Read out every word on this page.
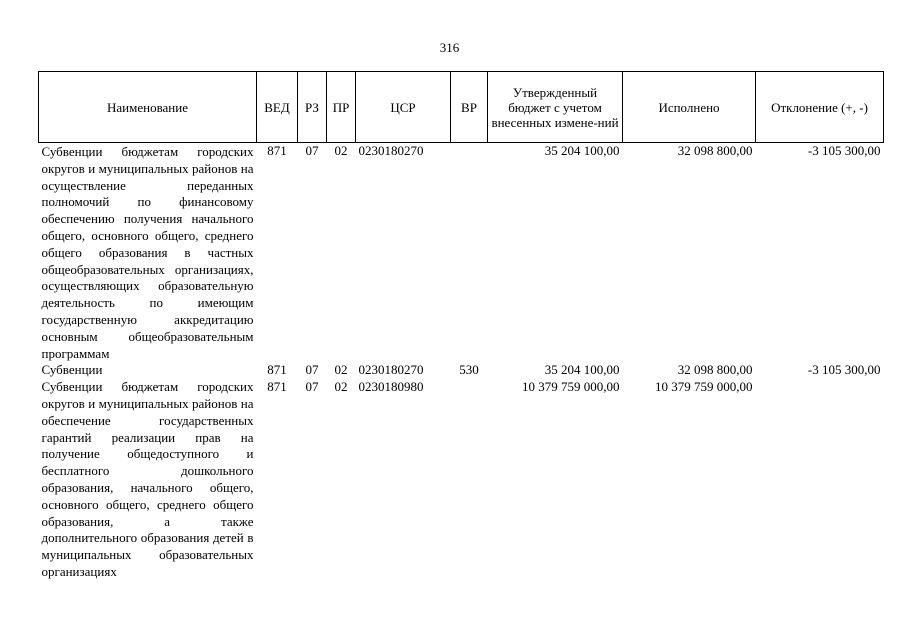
316
Наименование	ВЕД	РЗ	ПР	ЦСР	ВР	Утвержденный бюджет с учетом внесенных измене-ний	Исполнено	Отклонение (+, -)
Субвенции бюджетам городских округов и муниципальных районов на осуществление переданных полномочий по финансовому обеспечению получения начального общего, основного общего, среднего общего образования в частных общеобразовательных организациях, осуществляющих образовательную деятельность по имеющим государственную аккредитацию основным общеобразовательным программам	871	07	02	0230180270		35 204 100,00	32 098 800,00	-3 105 300,00
Субвенции	871	07	02	0230180270	530	35 204 100,00	32 098 800,00	-3 105 300,00
Субвенции бюджетам городских округов и муниципальных районов на обеспечение государственных гарантий реализации прав на получение общедоступного и бесплатного дошкольного образования, начального общего, основного общего, среднего общего образования, а также дополнительного образования детей в муниципальных образовательных организациях	871	07	02	0230180980		10 379 759 000,00	10 379 759 000,00	
